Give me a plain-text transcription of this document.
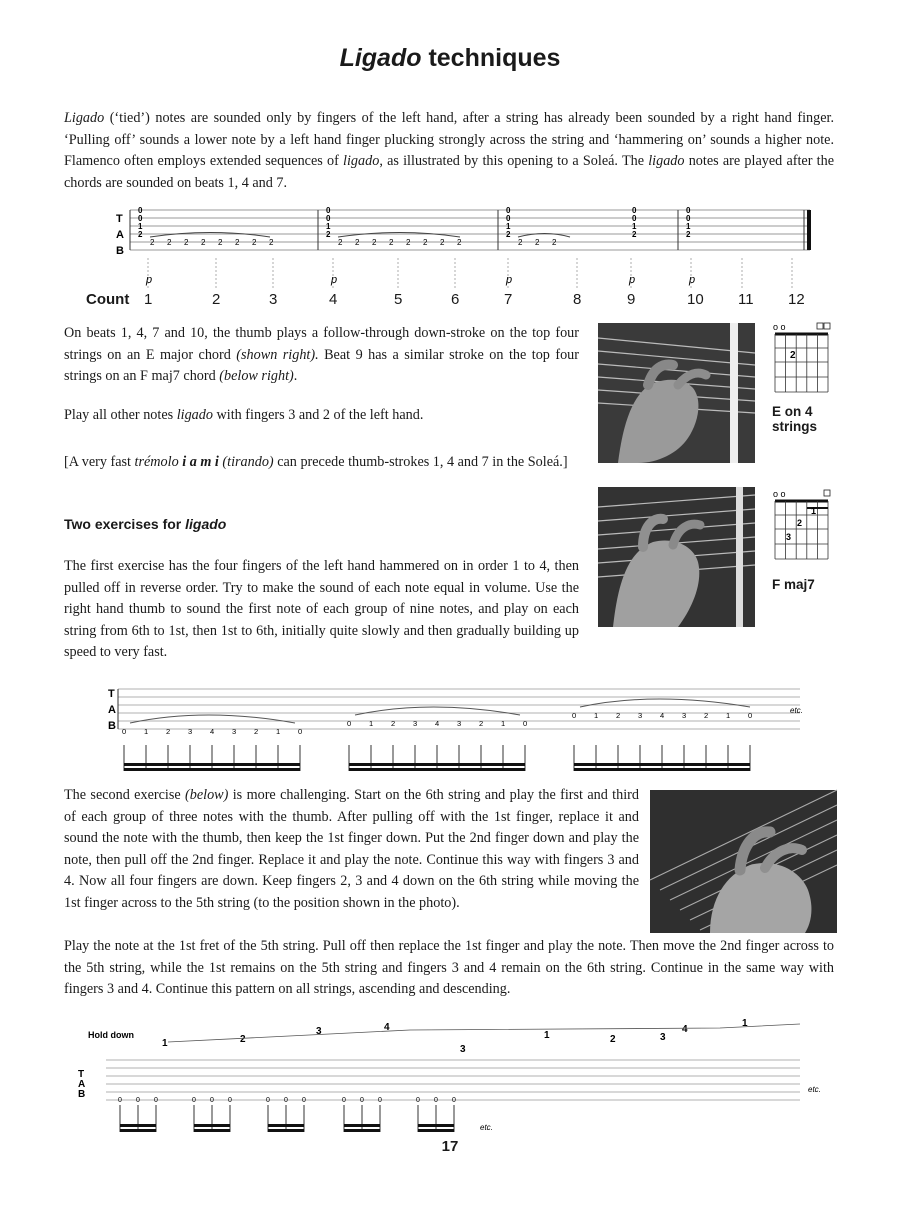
Ligado techniques

Ligado (‘tied’) notes are sounded only by fingers of the left hand, after a string has already been sounded by a right hand finger. ‘Pulling off’ sounds a lower note by a left hand finger plucking strongly across the string and ‘hammering on’ sounds a higher note. Flamenco often employs extended sequences of ligado, as illustrated by this opening to a Soleá. The ligado notes are played after the chords are sounded on beats 1, 4 and 7.

T
A
B
0
0
1
2
0
0
1
2
0
0
1
2
0
0
1
2
0
0
1
2
2 2 2 2 2 2 2 2	2 2 2 2 2 2 2 2	2 2 2
p	p	p	p	p
Count 1	2	3	4	5	6	7	8	9	10 11 12

On beats 1, 4, 7 and 10, the thumb plays a follow-through down-stroke on the top four strings on an E major chord (shown right). Beat 9 has a similar stroke on the top four strings on an F maj7 chord (below right).

Play all other notes ligado with fingers 3 and 2 of the left hand.

[A very fast trémolo i a m i (tirando) can precede thumb-strokes 1, 4 and 7 in the Soleá.]

o o
2
E on 4
strings
o o
1
2
3
F maj7
Two exercises for ligado

The first exercise has the four fingers of the left hand hammered on in order 1 to 4, then pulled off in reverse order. Try to make the sound of each note equal in volume. Use the right hand thumb to sound the first note of each group of nine notes, and play on each string from 6th to 1st, then 1st to 6th, initially quite slowly and then gradually building up speed to very fast.

T
A
B 0 1 2 3 4 3 2 1 0
0 1 2 3 4 3 2 1 0
0 1 2 3 4 3 2 1 0
etc.

The second exercise (below) is more challenging. Start on the 6th string and play the first and third of each group of three notes with the thumb. After pulling off with the 1st finger, replace it and sound the note with the thumb, then keep the 1st finger down. Put the 2nd finger down and play the note, then pull off the 2nd finger. Replace it and play the note. Continue this way with fingers 3 and 4. Now all four fingers are down. Keep fingers 2, 3 and 4 down on the 6th string while moving the 1st finger across to the 5th string (to the position shown in the photo).

Play the note at the 1st fret of the 5th string. Pull off then replace the 1st finger and play the note. Then move the 2nd finger across to the 5th string, while the 1st remains on the 5th string and fingers 3 and 4 remain on the 6th string. Continue in the same way with fingers 3 and 4. Continue this pattern on all strings, ascending and descending.

Hold down
1	2
3	4
1	2	3
4
1
3
T
A
B
0 0 0	0 0 0	0 0 0	0 0 0	0 0 0
etc.
etc.
17
